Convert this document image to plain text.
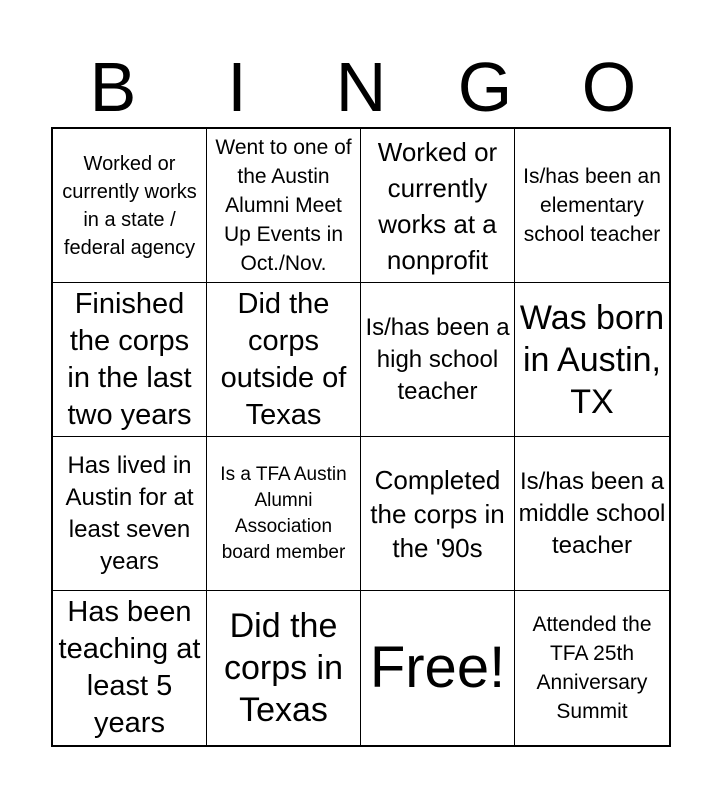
B	I	N	G O
Worked or currently works in a state / federal agency
Went to one of the Austin Alumni Meet Up Events in Oct./Nov.
Worked or currently works at a nonprofit
Is/has been an elementary school teacher
Finished the corps in the last two years
Did the corps outside of Texas
Is/has been a high school teacher
Was born in Austin, TX
Has lived in Austin for at least seven years
Is a TFA Austin Alumni Association board member
Completed the corps in the '90s
Is/has been a middle school teacher
Has been teaching at least 5 years
Did the corps in Texas
Free!
Attended the TFA 25th Anniversary Summit
